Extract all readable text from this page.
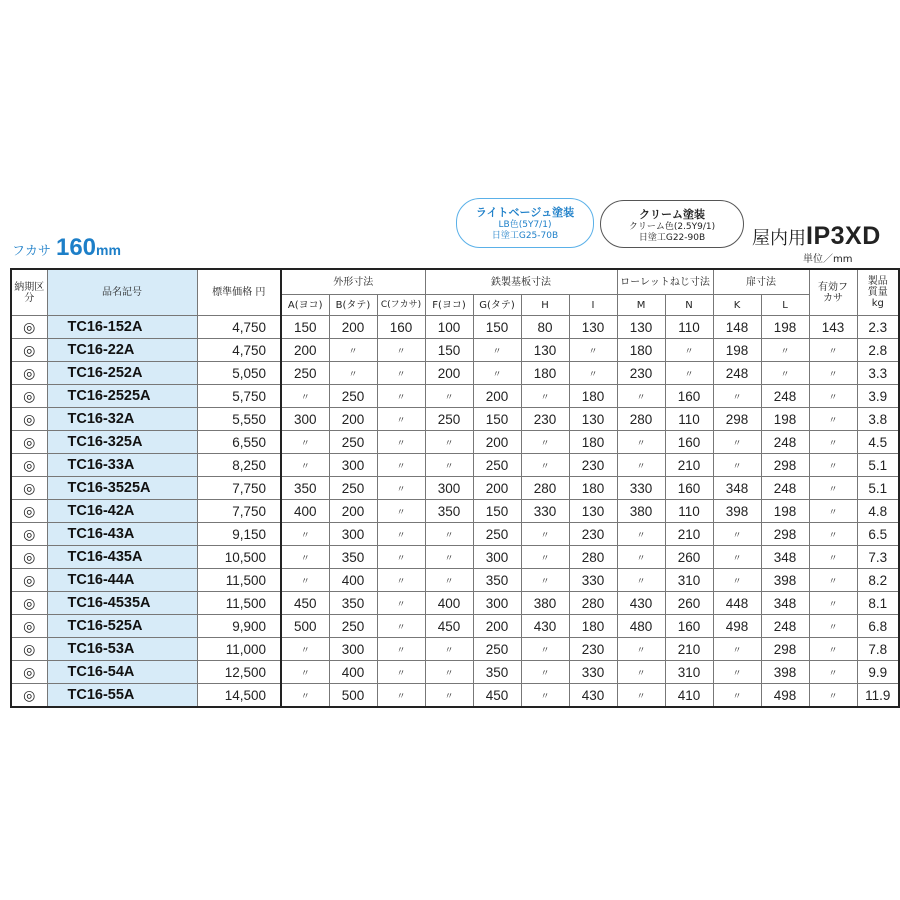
ライトベージュ塗装
LB色(5Y7/1)
日塗工G25-70B
クリーム塗装
クリーム色(2.5Y9/1)
日塗工G22-90B	屋内用IP3XD
単位／mm
フカサ 160mm
納期区分	品名記号	標準価格 円	外形寸法			鉄製基板寸法				ローレットねじ寸法		扉寸法		有効フカサ	製品質量kg
			A(ヨコ)	B(タテ)	C(フカサ)	F(ヨコ)	G(タテ)	H	I	M	N	K	L		
◎	TC16-152A	4,750	150	200	160	100	150	80	130	130	110	148	198	143	2.3
◎	TC16-22A	4,750	200	〃	〃	150	〃	130	〃	180	〃	198	〃	〃	2.8
◎	TC16-252A	5,050	250	〃	〃	200	〃	180	〃	230	〃	248	〃	〃	3.3
◎	TC16-2525A	5,750	〃	250	〃	〃	200	〃	180	〃	160	〃	248	〃	3.9
◎	TC16-32A	5,550	300	200	〃	250	150	230	130	280	110	298	198	〃	3.8
◎	TC16-325A	6,550	〃	250	〃	〃	200	〃	180	〃	160	〃	248	〃	4.5
◎	TC16-33A	8,250	〃	300	〃	〃	250	〃	230	〃	210	〃	298	〃	5.1
◎	TC16-3525A	7,750	350	250	〃	300	200	280	180	330	160	348	248	〃	5.1
◎	TC16-42A	7,750	400	200	〃	350	150	330	130	380	110	398	198	〃	4.8
◎	TC16-43A	9,150	〃	300	〃	〃	250	〃	230	〃	210	〃	298	〃	6.5
◎	TC16-435A	10,500	〃	350	〃	〃	300	〃	280	〃	260	〃	348	〃	7.3
◎	TC16-44A	11,500	〃	400	〃	〃	350	〃	330	〃	310	〃	398	〃	8.2
◎	TC16-4535A	11,500	450	350	〃	400	300	380	280	430	260	448	348	〃	8.1
◎	TC16-525A	9,900	500	250	〃	450	200	430	180	480	160	498	248	〃	6.8
◎	TC16-53A	11,000	〃	300	〃	〃	250	〃	230	〃	210	〃	298	〃	7.8
◎	TC16-54A	12,500	〃	400	〃	〃	350	〃	330	〃	310	〃	398	〃	9.9
◎	TC16-55A	14,500	〃	500	〃	〃	450	〃	430	〃	410	〃	498	〃	11.9
